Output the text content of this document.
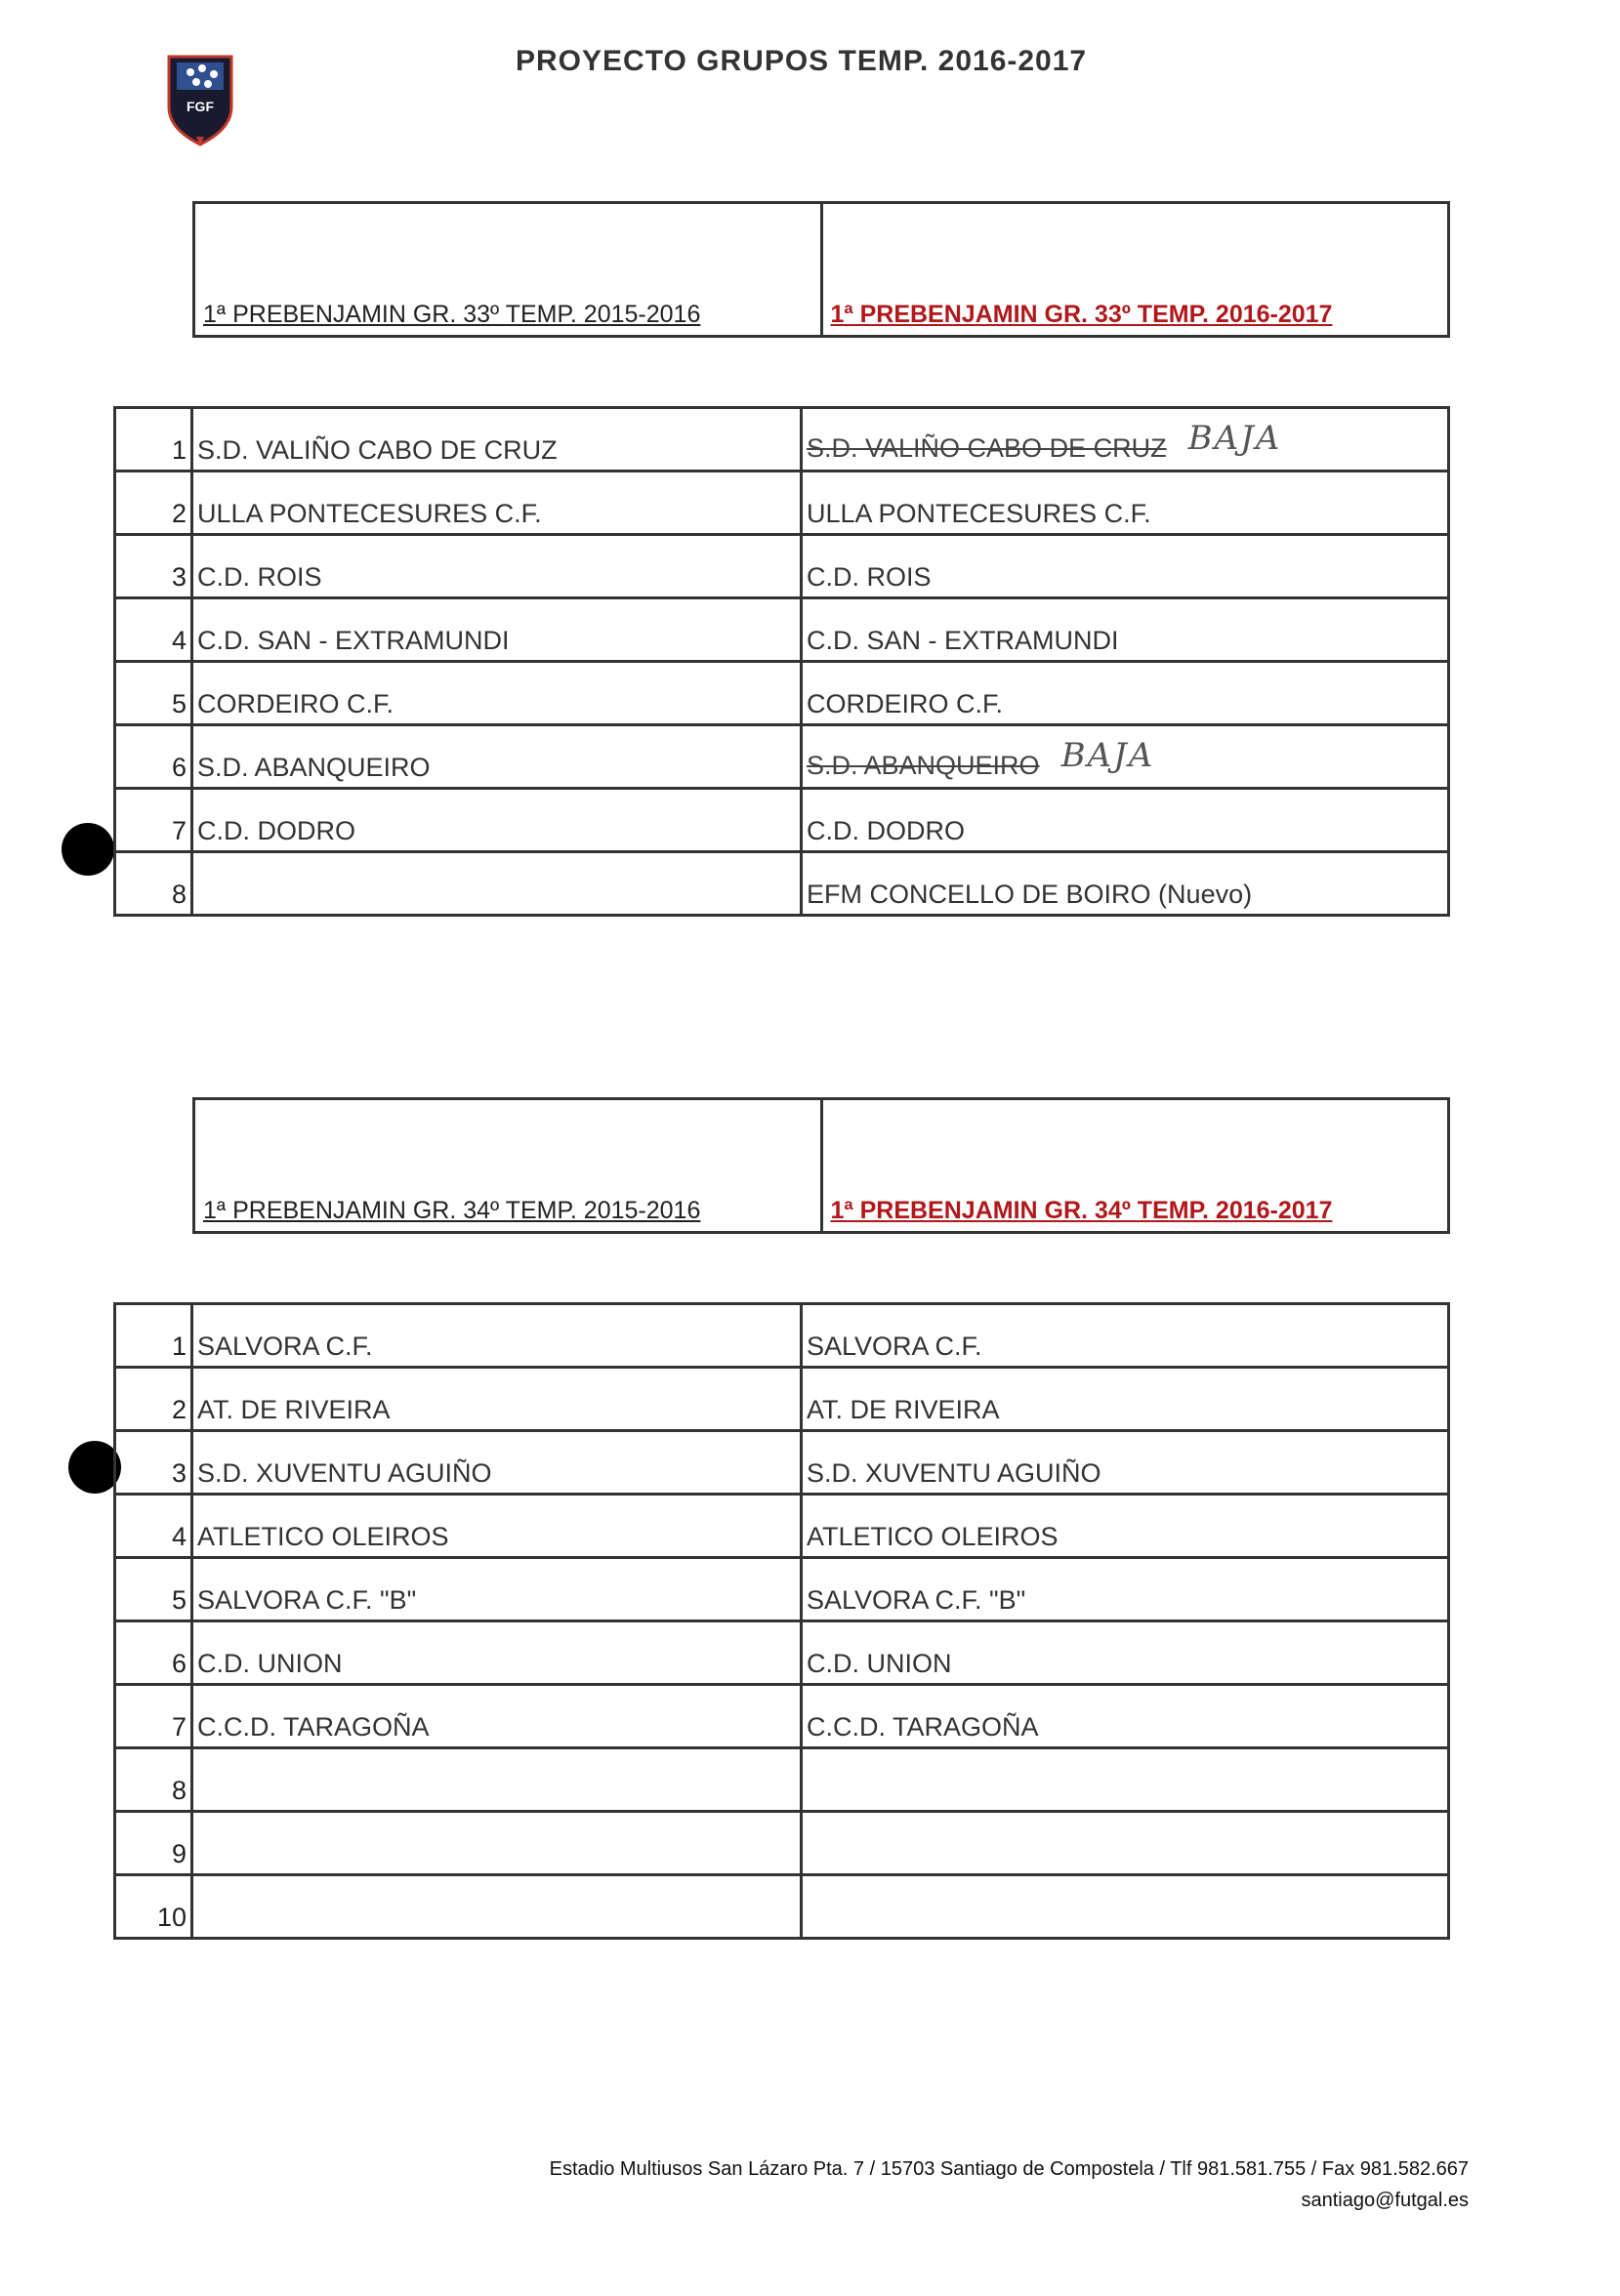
FGF
PROYECTO GRUPOS TEMP. 2016-2017
1ª PREBENJAMIN GR. 33º TEMP. 2015-2016	1ª PREBENJAMIN GR. 33º TEMP. 2016-2017
1	S.D. VALIÑO CABO DE CRUZ	S.D. VALIÑO CABO DE CRUZ BAJA
2	ULLA PONTECESURES C.F.	ULLA PONTECESURES C.F.
3	C.D. ROIS	C.D. ROIS
4	C.D. SAN - EXTRAMUNDI	C.D. SAN - EXTRAMUNDI
5	CORDEIRO C.F.	CORDEIRO C.F.
6	S.D. ABANQUEIRO	S.D. ABANQUEIRO BAJA
7	C.D. DODRO	C.D. DODRO
8		EFM CONCELLO DE BOIRO (Nuevo)
1ª PREBENJAMIN GR. 34º TEMP. 2015-2016	1ª PREBENJAMIN GR. 34º TEMP. 2016-2017
1	SALVORA C.F.	SALVORA C.F.
2	AT. DE RIVEIRA	AT. DE RIVEIRA
3	S.D. XUVENTU AGUIÑO	S.D. XUVENTU AGUIÑO
4	ATLETICO OLEIROS	ATLETICO OLEIROS
5	SALVORA C.F. "B"	SALVORA C.F. "B"
6	C.D. UNION	C.D. UNION
7	C.C.D. TARAGOÑA	C.C.D. TARAGOÑA
8		
9		
10		
Estadio Multiusos San Lázaro Pta. 7 / 15703 Santiago de Compostela / Tlf 981.581.755 / Fax 981.582.667
santiago@futgal.es
